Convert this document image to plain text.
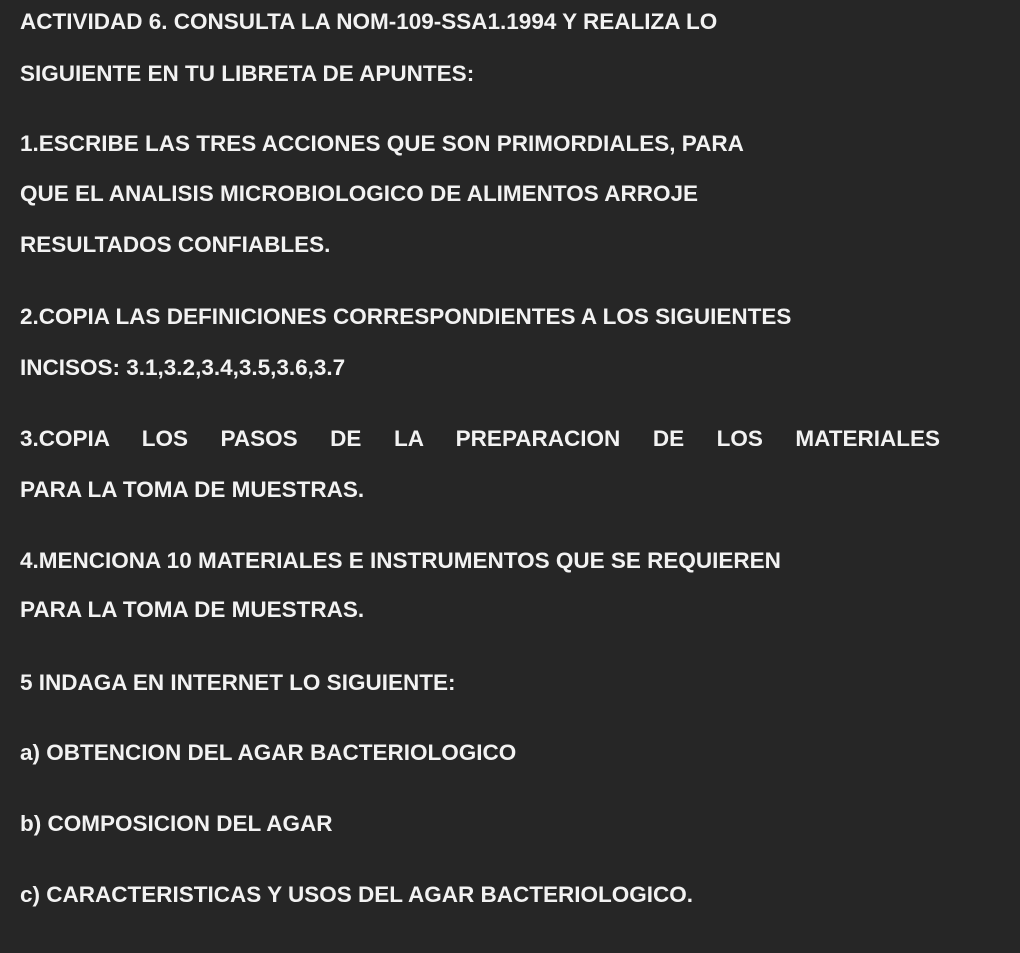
ACTIVIDAD 6. CONSULTA LA NOM-109-SSA1.1994 Y REALIZA LO
SIGUIENTE EN TU LIBRETA DE APUNTES:
1.ESCRIBE LAS TRES ACCIONES QUE SON PRIMORDIALES, PARA
QUE EL ANALISIS MICROBIOLOGICO DE ALIMENTOS ARROJE
RESULTADOS CONFIABLES.
2.COPIA LAS DEFINICIONES CORRESPONDIENTES A LOS SIGUIENTES
INCISOS: 3.1,3.2,3.4,3.5,3.6,3.7
3.COPIA LOS PASOS DE LA PREPARACION DE LOS MATERIALES
PARA LA TOMA DE MUESTRAS.
4.MENCIONA 10 MATERIALES E INSTRUMENTOS QUE SE REQUIEREN
PARA LA TOMA DE MUESTRAS.
5 INDAGA EN INTERNET LO SIGUIENTE:
a) OBTENCION DEL AGAR BACTERIOLOGICO
b) COMPOSICION DEL AGAR
c) CARACTERISTICAS Y USOS DEL AGAR BACTERIOLOGICO.
